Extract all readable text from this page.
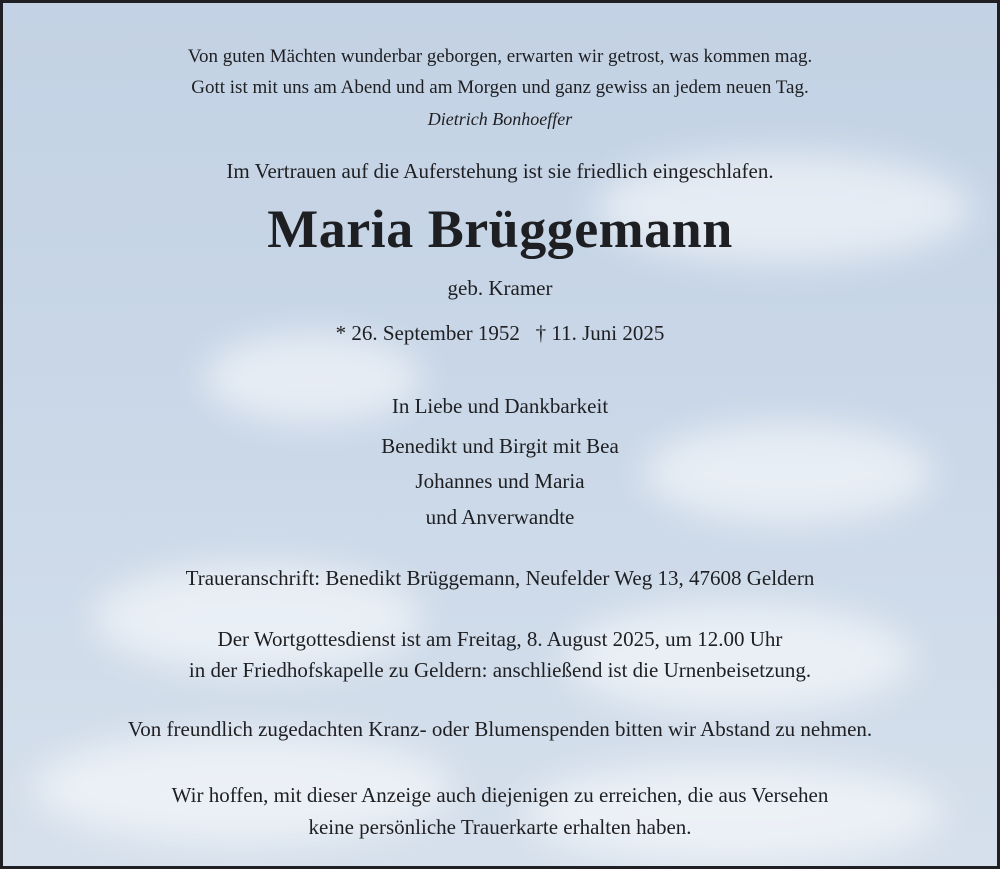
Von guten Mächten wunderbar geborgen, erwarten wir getrost, was kommen mag.
Gott ist mit uns am Abend und am Morgen und ganz gewiss an jedem neuen Tag.
Dietrich Bonhoeffer
Im Vertrauen auf die Auferstehung ist sie friedlich eingeschlafen.
Maria Brüggemann
geb. Kramer
* 26. September 1952   † 11. Juni 2025
In Liebe und Dankbarkeit
Benedikt und Birgit mit Bea
Johannes und Maria
und Anverwandte
Traueranschrift: Benedikt Brüggemann, Neufelder Weg 13, 47608 Geldern
Der Wortgottesdienst ist am Freitag, 8. August 2025, um 12.00 Uhr
in der Friedhofskapelle zu Geldern: anschließend ist die Urnenbeisetzung.
Von freundlich zugedachten Kranz- oder Blumenspenden bitten wir Abstand zu nehmen.
Wir hoffen, mit dieser Anzeige auch diejenigen zu erreichen, die aus Versehen
keine persönliche Trauerkarte erhalten haben.
